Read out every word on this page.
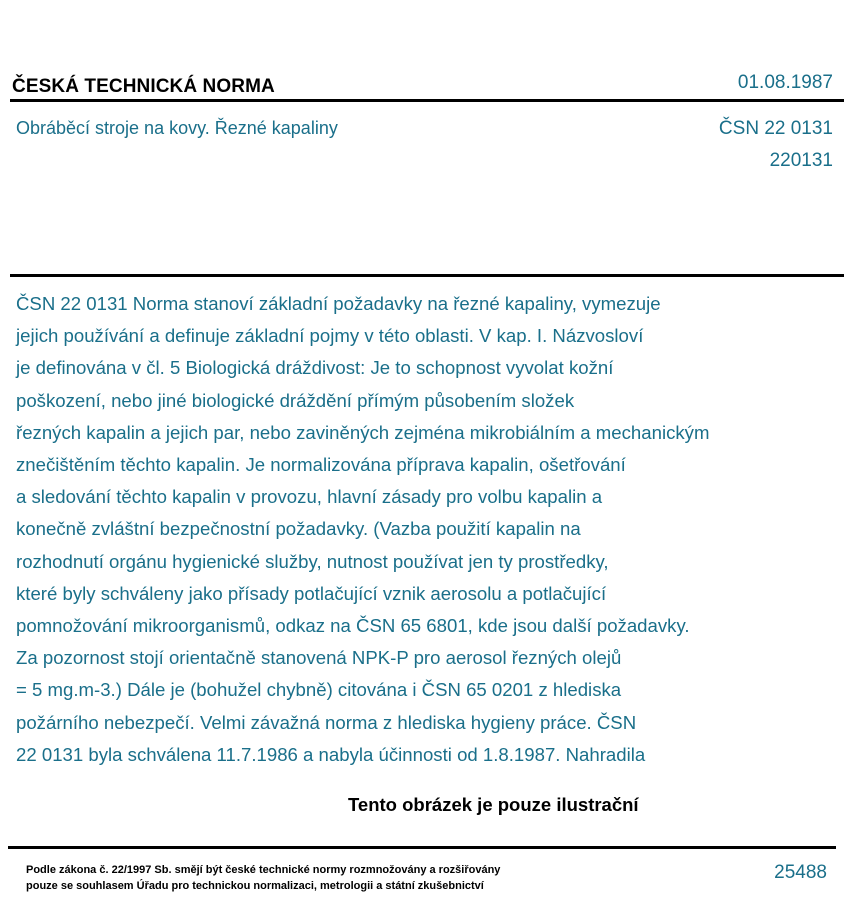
ČESKÁ TECHNICKÁ NORMA	01.08.1987
Obráběcí stroje na kovy. Řezné kapaliny	ČSN 22 0131
220131
ČSN 22 0131 Norma stanoví základní požadavky na řezné kapaliny, vymezuje
jejich používání a definuje základní pojmy v této oblasti. V kap. I. Názvosloví
je definována v čl. 5 Biologická dráždivost: Je to schopnost vyvolat kožní
poškození, nebo jiné biologické dráždění přímým působením složek
řezných kapalin a jejich par, nebo zaviněných zejména mikrobiálním a mechanickým
znečištěním těchto kapalin. Je normalizována příprava kapalin, ošetřování
a sledování těchto kapalin v provozu, hlavní zásady pro volbu kapalin a
konečně zvláštní bezpečnostní požadavky. (Vazba použití kapalin na
rozhodnutí orgánu hygienické služby, nutnost používat jen ty prostředky,
které byly schváleny jako přísady potlačující vznik aerosolu a potlačující
pomnožování mikroorganismů, odkaz na ČSN 65 6801, kde jsou další požadavky.
Za pozornost stojí orientačně stanovená NPK-P pro aerosol řezných olejů
= 5 mg.m-3.) Dále je (bohužel chybně) citována i ČSN 65 0201 z hlediska
požárního nebezpečí. Velmi závažná norma z hlediska hygieny práce. ČSN
22 0131 byla schválena 11.7.1986 a nabyla účinnosti od 1.8.1987. Nahradila
Tento obrázek je pouze ilustrační
Podle zákona č. 22/1997 Sb. smějí být české technické normy rozmnožovány a rozšiřovány
pouze se souhlasem Úřadu pro technickou normalizaci, metrologii a státní zkušebnictví
25488
